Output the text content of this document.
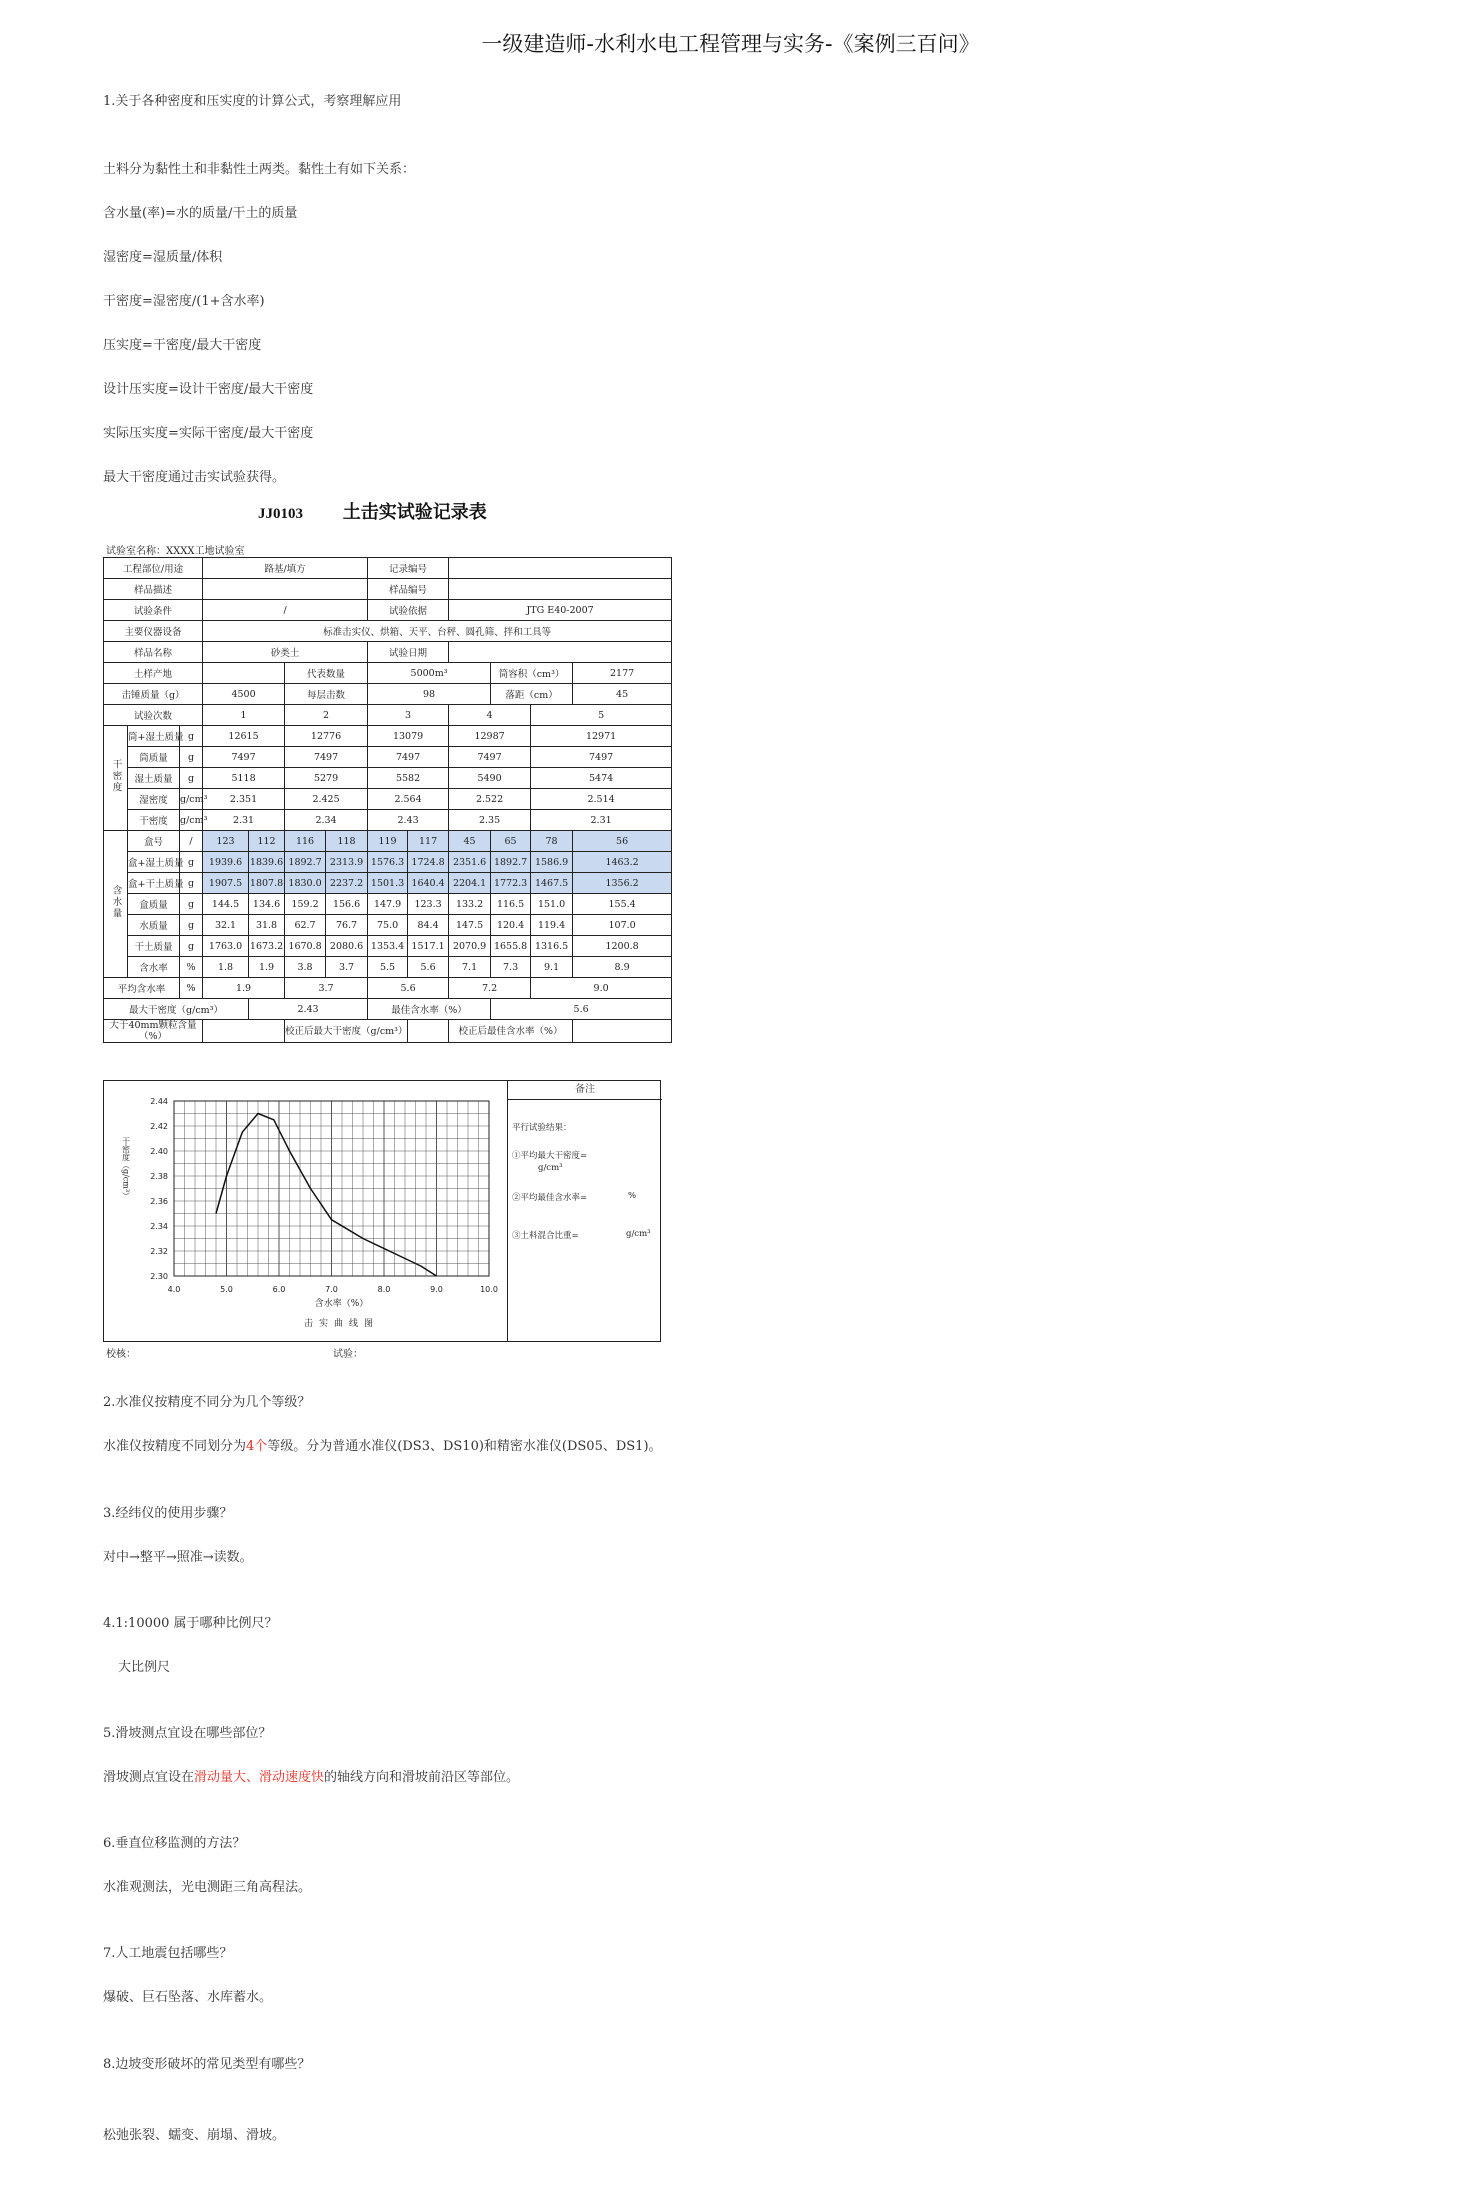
一级建造师-水利水电工程管理与实务-《案例三百问》
1.关于各种密度和压实度的计算公式，考察理解应用
土料分为黏性土和非黏性土两类。黏性土有如下关系：
含水量(率)=水的质量/干土的质量
湿密度=湿质量/体积
干密度=湿密度/(1+含水率)
压实度=干密度/最大干密度
设计压实度=设计干密度/最大干密度
实际压实度=实际干密度/最大干密度
最大干密度通过击实试验获得。
JJ0103 土击实试验记录表
试验室名称：XXXX工地试验室
工程部位/用途			路基/填方				记录编号					
样品描述							样品编号					
试验条件			/				试验依据		JTG E40-2007			
主要仪器设备			标准击实仪、烘箱、天平、台秤、圆孔筛、拌和工具等									
样品名称			砂类土				试验日期					
土样产地					代表数量		5000m³			筒容积（cm³）		2177
击锤质量（g）			4500		每层击数		98			落距（cm）		45
试验次数			1		2		3		4		5	
干密度	筒+湿土质量	g	12615		12776		13079		12987		12971	
	筒质量	g	7497		7497		7497		7497		7497	
	湿土质量	g	5118		5279		5582		5490		5474	
	湿密度	g/cm³	2.351		2.425		2.564		2.522		2.514	
	干密度	g/cm³	2.31		2.34		2.43		2.35		2.31	
含水量	盒号	/	123	112	116	118	119	117	45	65	78	56
	盒+湿土质量	g	1939.6	1839.6	1892.7	2313.9	1576.3	1724.8	2351.6	1892.7	1586.9	1463.2
	盒+干土质量	g	1907.5	1807.8	1830.0	2237.2	1501.3	1640.4	2204.1	1772.3	1467.5	1356.2
	盒质量	g	144.5	134.6	159.2	156.6	147.9	123.3	133.2	116.5	151.0	155.4
	水质量	g	32.1	31.8	62.7	76.7	75.0	84.4	147.5	120.4	119.4	107.0
	干土质量	g	1763.0	1673.2	1670.8	2080.6	1353.4	1517.1	2070.9	1655.8	1316.5	1200.8
	含水率	%	1.8	1.9	3.8	3.7	5.5	5.6	7.1	7.3	9.1	8.9
平均含水率		%	1.9		3.7		5.6		7.2		9.0	
最大干密度（g/cm³）				2.43			最佳含水率（%）			5.6		
大于40mm颗粒含量（%）					校正后最大干密度（g/cm³）				校正后最佳含水率（%）			
4.0	5.0	6.0	7.0	8.0	9.0	10.0
2.44
2.42
2.40
2.38
2.36
2.34
2.32
2.30
含水率（%）
击实曲线图
干密度（g/cm³）
备注
平行试验结果：
①平均最大干密度=
g/cm³
②平均最佳含水率=	%
③土料混合比重=	g/cm³
校核：	试验：
2.水准仪按精度不同分为几个等级？
水准仪按精度不同划分为4个等级。分为普通水准仪(DS3、DS10)和精密水准仪(DS05、DS1)。
3.经纬仪的使用步骤？
对中→整平→照准→读数。
4.1:10000 属于哪种比例尺？
大比例尺
5.滑坡测点宜设在哪些部位？
滑坡测点宜设在滑动量大、滑动速度快的轴线方向和滑坡前沿区等部位。
6.垂直位移监测的方法？
水准观测法，光电测距三角高程法。
7.人工地震包括哪些？
爆破、巨石坠落、水库蓄水。
8.边坡变形破坏的常见类型有哪些？
松弛张裂、蠕变、崩塌、滑坡。
